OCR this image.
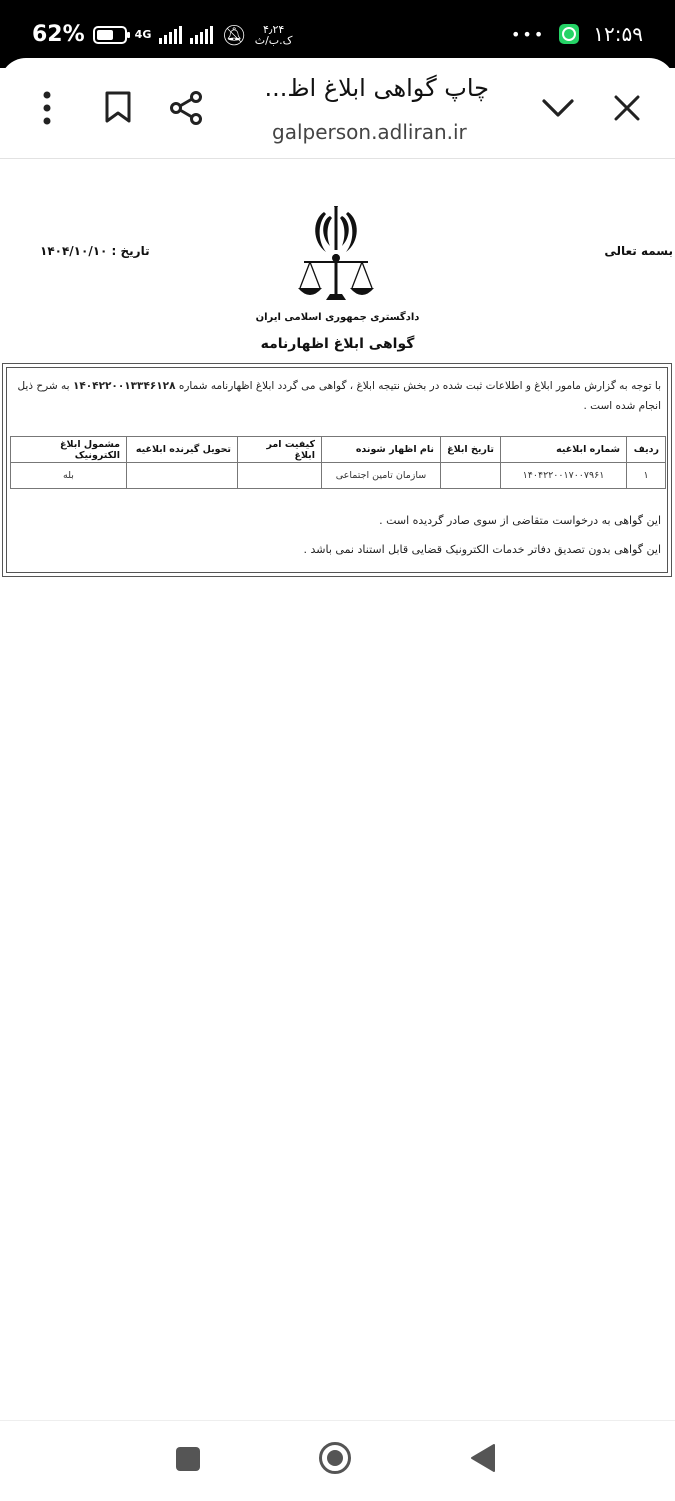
62%	4G	🔕︎	۴٫۲۴
ک.ب/ث	••• ۱۲:۵۹
چاپ گواهی ابلاغ اظ...
galperson.adliran.ir
بسمه تعالی
تاریخ : ۱۴۰۴/۱۰/۱۰
دادگستری جمهوری اسلامی ایران
گواهی ابلاغ اظهارنامه
با توجه به گزارش مامور ابلاغ و اطلاعات ثبت شده در بخش نتیجه ابلاغ ، گواهی می گردد ابلاغ اظهارنامه شماره ۱۴۰۴۲۲۰۰۱۳۳۴۶۱۲۸ به شرح ذیل انجام شده است .
ردیف	شماره ابلاغیه	تاریخ ابلاغ	نام اظهار شونده	کیفیت امر ابلاغ	تحویل گیرنده ابلاغیه	مشمول ابلاغ الکترونیک
۱	۱۴۰۴۲۲۰۰۱۷۰۰۷۹۶۱		سازمان تامین اجتماعی			بله
این گواهی به درخواست متقاضی از سوی صادر گردیده است .
این گواهی بدون تصدیق دفاتر خدمات الکترونیک قضایی قابل استناد نمی باشد .
